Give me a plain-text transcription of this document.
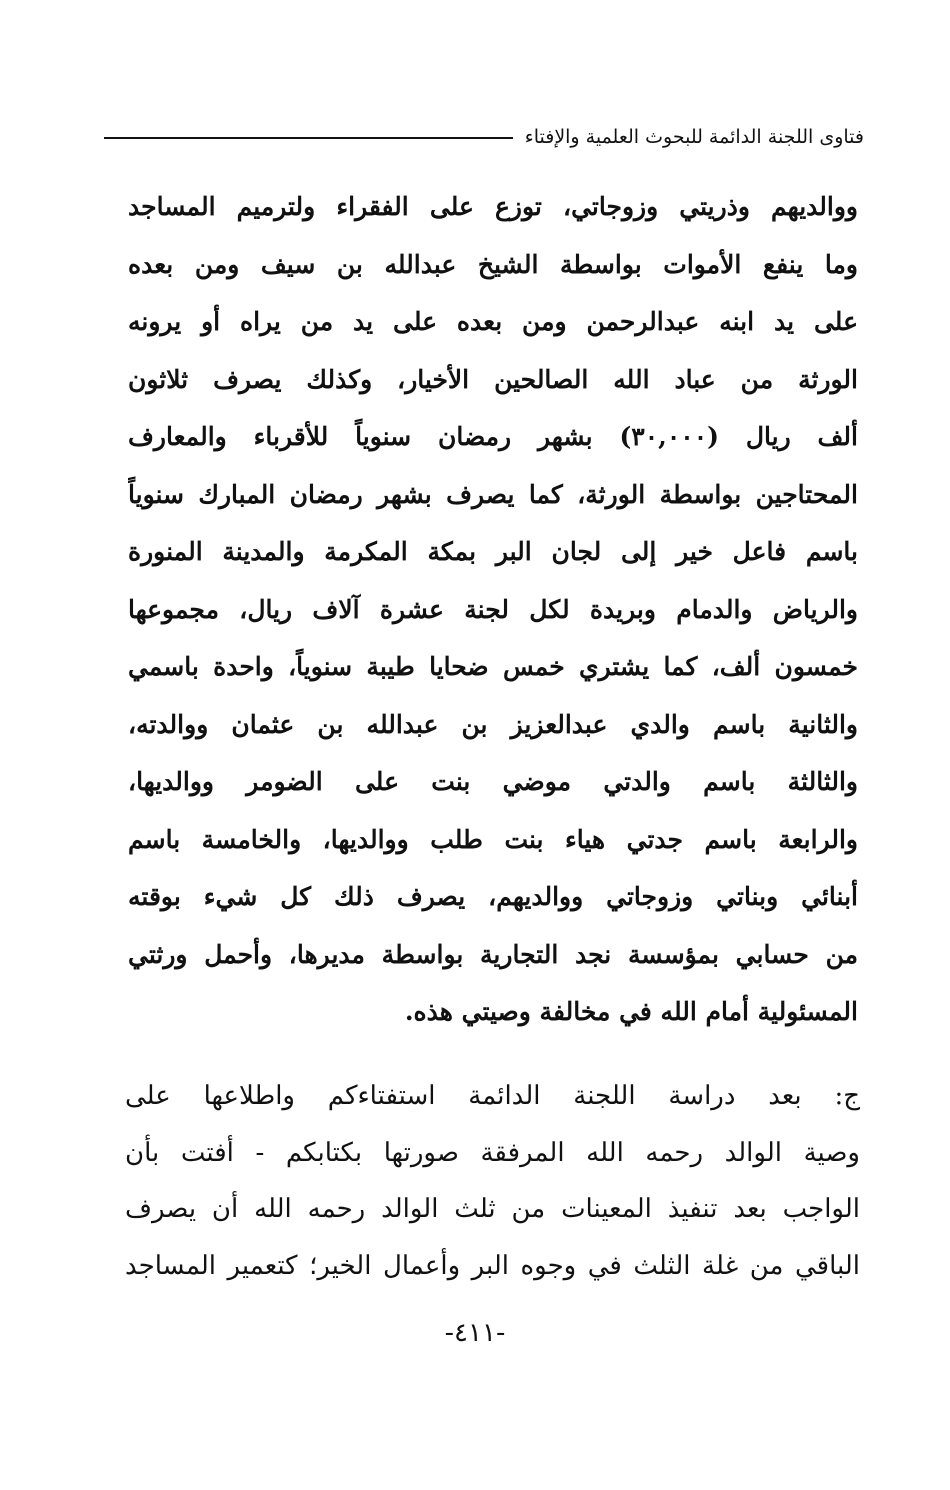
فتاوى اللجنة الدائمة للبحوث العلمية والإفتاء
ووالديهم وذريتي وزوجاتي، توزع على الفقراء ولترميم المساجد
وما ينفع الأموات بواسطة الشيخ عبدالله بن سيف ومن بعده
على يد ابنه عبدالرحمن ومن بعده على يد من يراه أو يرونه
الورثة من عباد الله الصالحين الأخيار، وكذلك يصرف ثلاثون
ألف ريال (٣٠,٠٠٠) بشهر رمضان سنوياً للأقرباء والمعارف
المحتاجين بواسطة الورثة، كما يصرف بشهر رمضان المبارك سنوياً
باسم فاعل خير إلى لجان البر بمكة المكرمة والمدينة المنورة
والرياض والدمام وبريدة لكل لجنة عشرة آلاف ريال، مجموعها
خمسون ألف، كما يشتري خمس ضحايا طيبة سنوياً، واحدة باسمي
والثانية باسم والدي عبدالعزيز بن عبدالله بن عثمان ووالدته،
والثالثة باسم والدتي موضي بنت على الضومر ووالديها،
والرابعة باسم جدتي هياء بنت طلب ووالديها، والخامسة باسم
أبنائي وبناتي وزوجاتي ووالديهم، يصرف ذلك كل شيء بوقته
من حسابي بمؤسسة نجد التجارية بواسطة مديرها، وأحمل ورثتي
المسئولية أمام الله في مخالفة وصيتي هذه.
ج: بعد دراسة اللجنة الدائمة استفتاءكم واطلاعها على
وصية الوالد رحمه الله المرفقة صورتها بكتابكم - أفتت بأن
الواجب بعد تنفيذ المعينات من ثلث الوالد رحمه الله أن يصرف
الباقي من غلة الثلث في وجوه البر وأعمال الخير؛ كتعمير المساجد
-٤١١-
